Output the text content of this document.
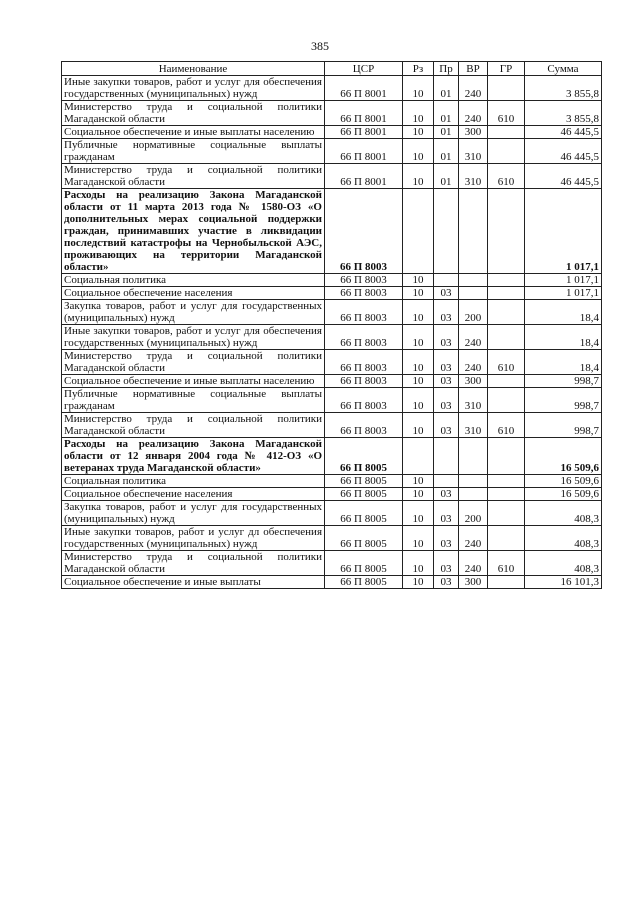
385
Наименование	ЦСР	Рз	Пр	ВР	ГР	Сумма
Иные закупки товаров, работ и услуг для обеспечения государственных (муниципальных) нужд	66 П 8001	10	01	240		3 855,8
Министерство труда и социальной политики Магаданской области	66 П 8001	10	01	240	610	3 855,8
Социальное обеспечение и иные выплаты населению	66 П 8001	10	01	300		46 445,5
Публичные нормативные социальные выплаты гражданам	66 П 8001	10	01	310		46 445,5
Министерство труда и социальной политики Магаданской области	66 П 8001	10	01	310	610	46 445,5
Расходы на реализацию Закона Магаданской области от 11 марта 2013 года № 1580-ОЗ «О дополнительных мерах социальной поддержки граждан, принимавших участие в ликвидации последствий катастрофы на Чернобыльской АЭС, проживающих на территории Магаданской области»	66 П 8003					1 017,1
Социальная политика	66 П 8003	10				1 017,1
Социальное обеспечение населения	66 П 8003	10	03			1 017,1
Закупка товаров, работ и услуг для государственных (муниципальных) нужд	66 П 8003	10	03	200		18,4
Иные закупки товаров, работ и услуг для обеспечения государственных (муниципальных) нужд	66 П 8003	10	03	240		18,4
Министерство труда и социальной политики Магаданской области	66 П 8003	10	03	240	610	18,4
Социальное обеспечение и иные выплаты населению	66 П 8003	10	03	300		998,7
Публичные нормативные социальные выплаты гражданам	66 П 8003	10	03	310		998,7
Министерство труда и социальной политики Магаданской области	66 П 8003	10	03	310	610	998,7
Расходы на реализацию Закона Магаданской области от 12 января 2004 года № 412-ОЗ «О ветеранах труда Магаданской области»	66 П 8005					16 509,6
Социальная политика	66 П 8005	10				16 509,6
Социальное обеспечение населения	66 П 8005	10	03			16 509,6
Закупка товаров, работ и услуг для государственных (муниципальных) нужд	66 П 8005	10	03	200		408,3
Иные закупки товаров, работ и услуг дл обеспечения государственных (муниципальных) нужд	66 П 8005	10	03	240		408,3
Министерство труда и социальной политики Магаданской области	66 П 8005	10	03	240	610	408,3
Социальное обеспечение и иные выплаты	66 П 8005	10	03	300		16 101,3
